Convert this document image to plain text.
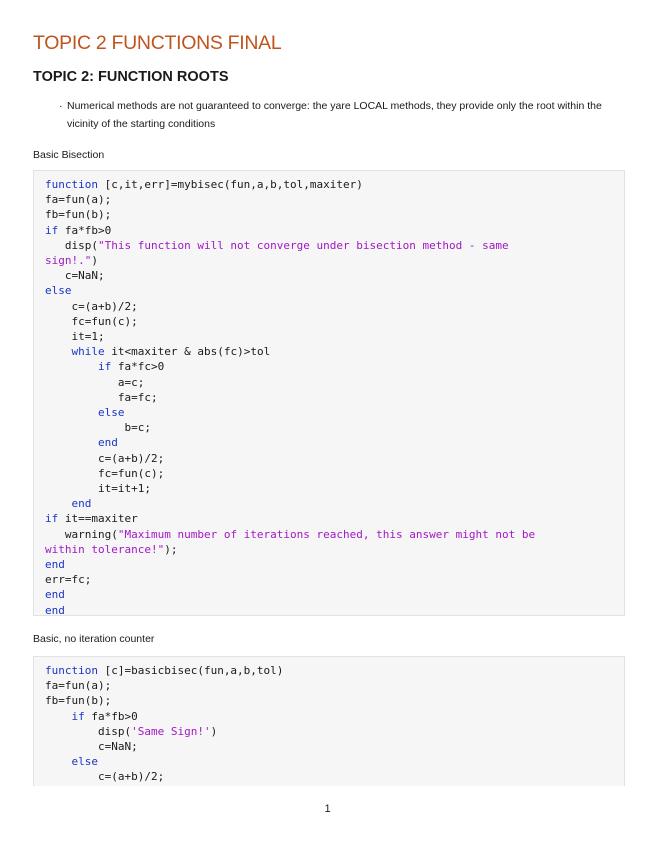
TOPIC 2 FUNCTIONS FINAL
TOPIC 2: FUNCTION ROOTS
· Numerical methods are not guaranteed to converge: the yare LOCAL methods, they provide only the root within the vicinity of the starting conditions
Basic Bisection
function [c,it,err]=mybisec(fun,a,b,tol,maxiter)
fa=fun(a);
fb=fun(b);
if fa*fb>0
disp("This function will not converge under bisection method - same
sign!.")
c=NaN;
else
c=(a+b)/2;
fc=fun(c);
it=1;
while it<maxiter & abs(fc)>tol
if fa*fc>0
a=c;
fa=fc;
else
b=c;
end
c=(a+b)/2;
fc=fun(c);
it=it+1;
end
if it==maxiter
warning("Maximum number of iterations reached, this answer might not be
within tolerance!");
end
err=fc;
end
end
Basic, no iteration counter
function [c]=basicbisec(fun,a,b,tol)
fa=fun(a);
fb=fun(b);
if fa*fb>0
disp('Same Sign!')
c=NaN;
else
c=(a+b)/2;
1
